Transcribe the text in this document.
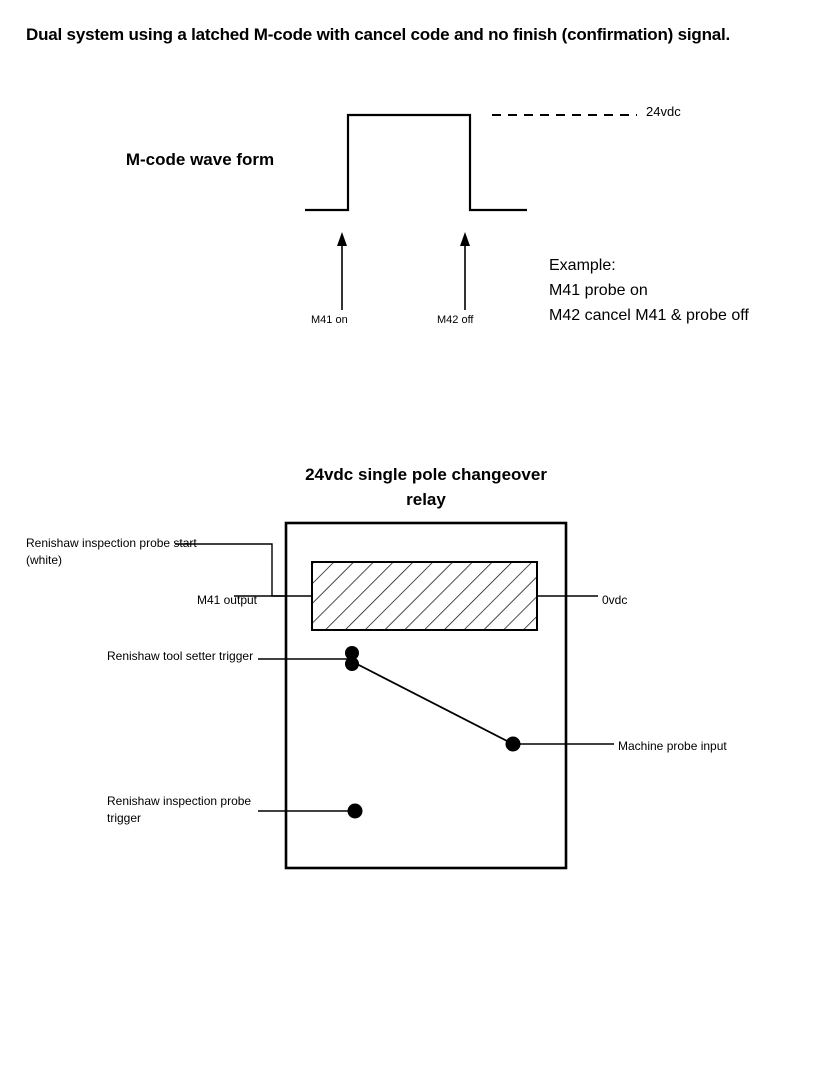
Dual system using a latched M-code with cancel code and no finish (confirmation) signal.
M-code wave form
24vdc
M41 on	M42 off
Example:
M41 probe on
M42 cancel M41 & probe off
24vdc single pole changeover relay
Renishaw inspection probe start (white)
M41 output	0vdc
Renishaw tool setter trigger
Machine probe input
Renishaw inspection probe trigger
